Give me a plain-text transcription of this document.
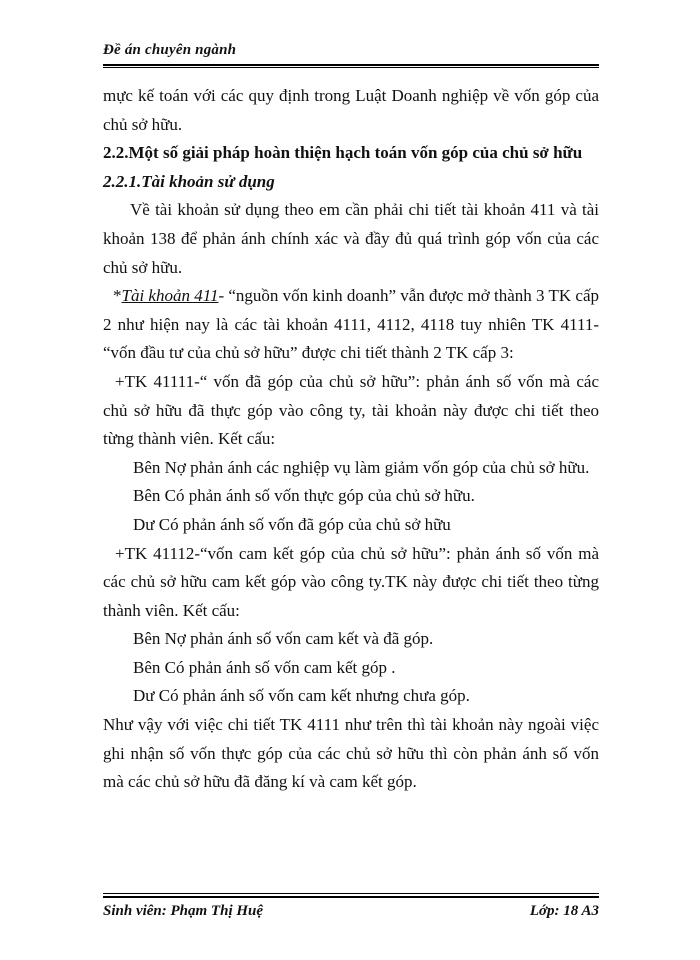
Đề án chuyên ngành

mực kế toán với các quy định trong Luật Doanh nghiệp về vốn góp của chủ sở hữu.

2.2.Một số giải pháp hoàn thiện hạch toán vốn góp của chủ sở hữu

2.2.1.Tài khoản sử dụng

Về tài khoản sử dụng theo em cần phải chi tiết tài khoản 411 và tài khoản 138 để phản ánh chính xác và đầy đủ quá trình góp vốn của các chủ sở hữu.

*Tài khoản 411- “nguồn vốn kinh doanh” vẫn được mở thành 3 TK cấp 2 như hiện nay là các tài khoản 4111, 4112, 4118 tuy nhiên TK 4111- “vốn đầu tư của chủ sở hữu” được chi tiết thành 2 TK cấp 3:

+TK 41111-“ vốn đã góp của chủ sở hữu”: phản ánh số vốn mà các chủ sở hữu đã thực góp vào công ty, tài khoản này được chi tiết theo từng thành viên. Kết cấu:

Bên Nợ phản ánh các nghiệp vụ làm giảm vốn góp của chủ sở hữu.

Bên Có phản ánh số vốn thực góp của chủ sở hữu.

Dư Có phản ánh số vốn đã góp của chủ sở hữu

+TK 41112-“vốn cam kết góp của chủ sở hữu”: phản ánh số vốn mà các chủ sở hữu cam kết góp vào công ty.TK này được chi tiết theo từng thành viên. Kết cấu:

Bên Nợ phản ánh số vốn cam kết và đã góp.

Bên Có phản ánh số vốn cam kết góp .

Dư Có phản ánh số vốn cam kết nhưng chưa góp.

Như vậy với việc chi tiết TK 4111 như trên thì tài khoản này ngoài việc ghi nhận số vốn thực góp của các chủ sở hữu thì còn phản ánh số vốn mà các chủ sở hữu đã đăng kí và cam kết góp.

Sinh viên: Phạm Thị Huệ	Lớp: 18 A3
